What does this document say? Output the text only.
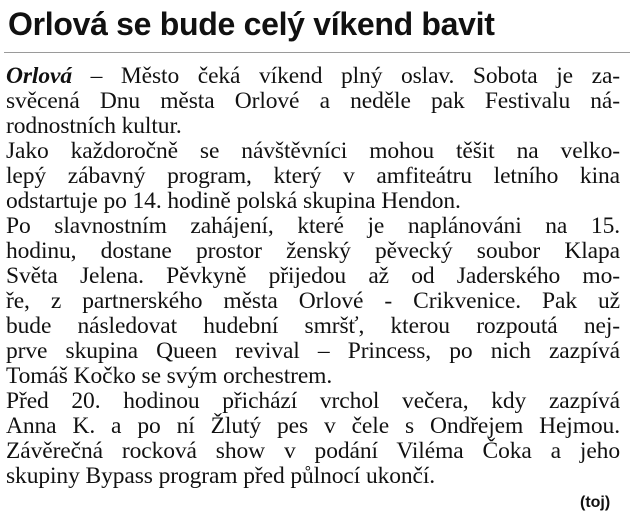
Orlová se bude celý víkend bavit
Orlová – Město čeká víkend plný oslav. Sobota je za-
svěcená Dnu města Orlové a neděle pak Festivalu ná-
rodnostních kultur.
Jako každoročně se návštěvníci mohou těšit na velko-
lepý zábavný program, který v amfiteátru letního kina
odstartuje po 14. hodině polská skupina Hendon.
Po slavnostním zahájení, které je naplánováni na 15.
hodinu, dostane prostor ženský pěvecký soubor Klapa
Světa Jelena. Pěvkyně přijedou až od Jaderského mo-
ře, z partnerského města Orlové - Crikvenice. Pak už
bude následovat hudební smršť, kterou rozpoutá nej-
prve skupina Queen revival – Princess, po nich zazpívá
Tomáš Kočko se svým orchestrem.
Před 20. hodinou přichází vrchol večera, kdy zazpívá
Anna K. a po ní Žlutý pes v čele s Ondřejem Hejmou.
Závěrečná rocková show v podání Viléma Čoka a jeho
skupiny Bypass program před půlnocí ukončí.
(toj)
